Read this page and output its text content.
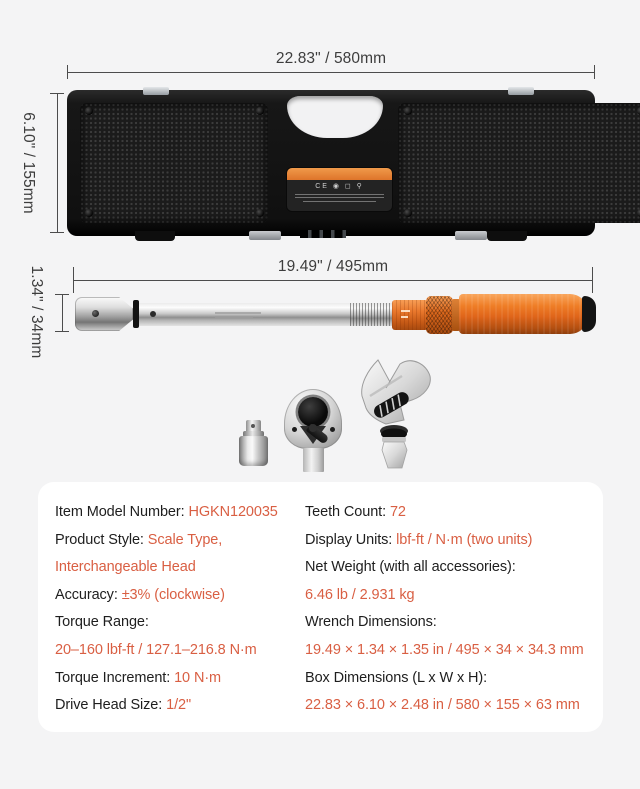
22.83" / 580mm
6.10" / 155mm	CE ◉ ◻ ⚲
19.49" / 495mm
1.34" / 34mm
Item Model Number: HGKN120035
Product Style: Scale Type,
Interchangeable Head
Accuracy: ±3% (clockwise)
Torque Range:
20–160 lbf-ft / 127.1–216.8 N·m
Torque Increment: 10 N·m
Drive Head Size: 1/2"
Teeth Count: 72
Display Units: lbf-ft / N·m (two units)
Net Weight (with all accessories):
6.46 lb / 2.931 kg
Wrench Dimensions:
19.49 × 1.34 × 1.35 in / 495 × 34 × 34.3 mm
Box Dimensions (L x W x H):
22.83 × 6.10 × 2.48 in / 580 × 155 × 63 mm
